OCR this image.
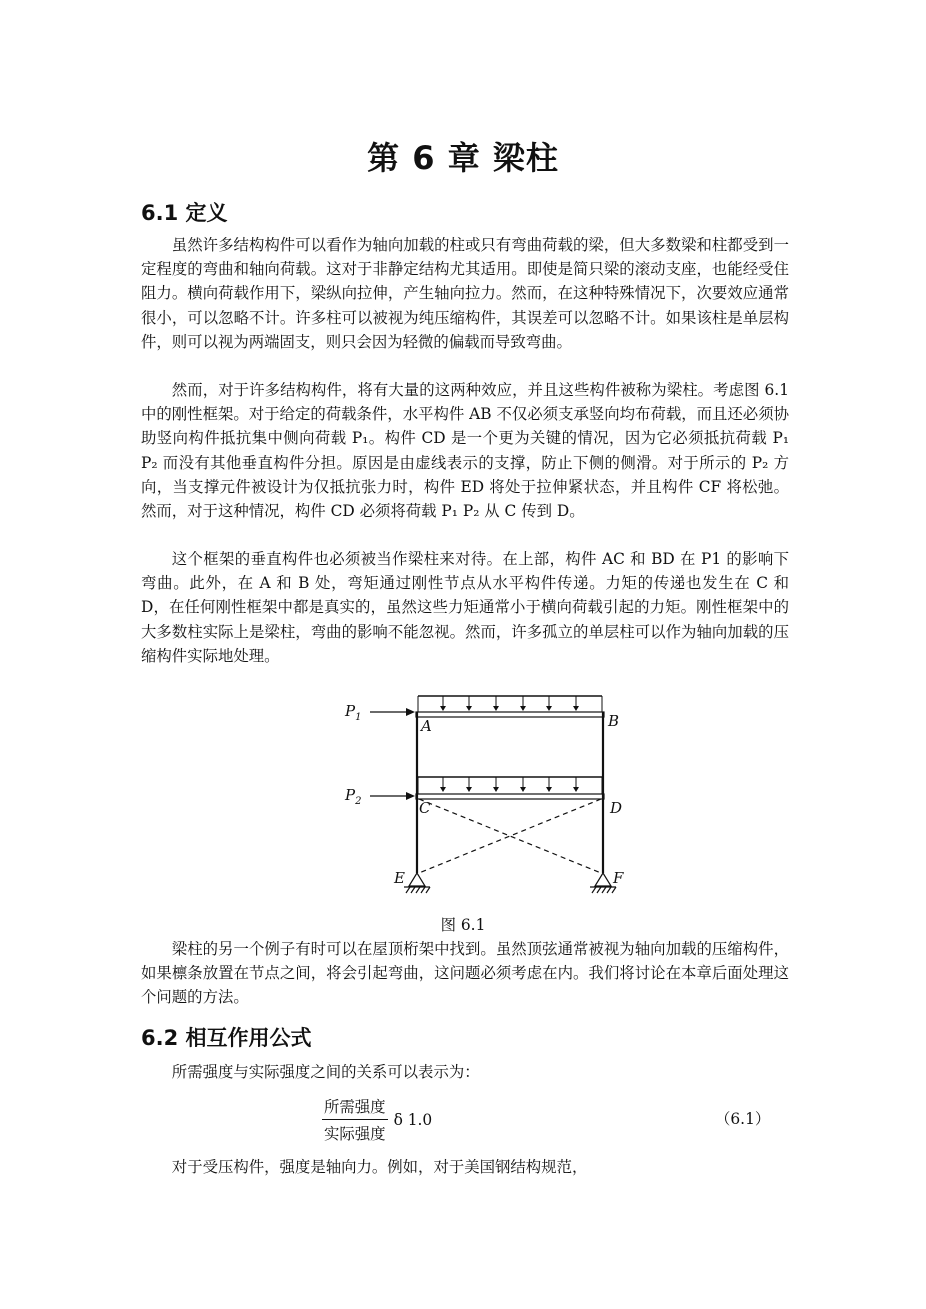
第 6 章 梁柱
6.1 定义

虽然许多结构构件可以看作为轴向加载的柱或只有弯曲荷载的梁，但大多数梁和柱都受到一定程度的弯曲和轴向荷载。这对于非静定结构尤其适用。即使是简只梁的滚动支座，也能经受住阻力。横向荷载作用下，梁纵向拉伸，产生轴向拉力。然而，在这种特殊情况下，次要效应通常很小，可以忽略不计。许多柱可以被视为纯压缩构件，其误差可以忽略不计。如果该柱是单层构件，则可以视为两端固支，则只会因为轻微的偏载而导致弯曲。

然而，对于许多结构构件，将有大量的这两种效应，并且这些构件被称为梁柱。考虑图 6.1 中的刚性框架。对于给定的荷载条件，水平构件 AB 不仅必须支承竖向均布荷载，而且还必须协助竖向构件抵抗集中侧向荷载 P₁。构件 CD 是一个更为关键的情况，因为它必须抵抗荷载 P₁ P₂ 而没有其他垂直构件分担。原因是由虚线表示的支撑，防止下侧的侧滑。对于所示的 P₂ 方向，当支撑元件被设计为仅抵抗张力时，构件 ED 将处于拉伸紧状态，并且构件 CF 将松弛。然而，对于这种情况，构件 CD 必须将荷载 P₁ P₂ 从 C 传到 D。

这个框架的垂直构件也必须被当作梁柱来对待。在上部，构件 AC 和 BD 在 P1 的影响下弯曲。此外，在 A 和 B 处，弯矩通过刚性节点从水平构件传递。力矩的传递也发生在 C 和 D，在任何刚性框架中都是真实的，虽然这些力矩通常小于横向荷载引起的力矩。刚性框架中的大多数柱实际上是梁柱，弯曲的影响不能忽视。然而，许多孤立的单层柱可以作为轴向加载的压缩构件实际地处理。

A	B
C	D
E	F
$P_1$
$P_2$
图 6.1

梁柱的另一个例子有时可以在屋顶桁架中找到。虽然顶弦通常被视为轴向加载的压缩构件，如果檩条放置在节点之间，将会引起弯曲，这问题必须考虑在内。我们将讨论在本章后面处理这个问题的方法。

6.2 相互作用公式

所需强度与实际强度之间的关系可以表示为：

$\frac{\text{所需强度}}{\text{实际强度}}$ δ 1.0	（6.1）

对于受压构件，强度是轴向力。例如，对于美国钢结构规范，
